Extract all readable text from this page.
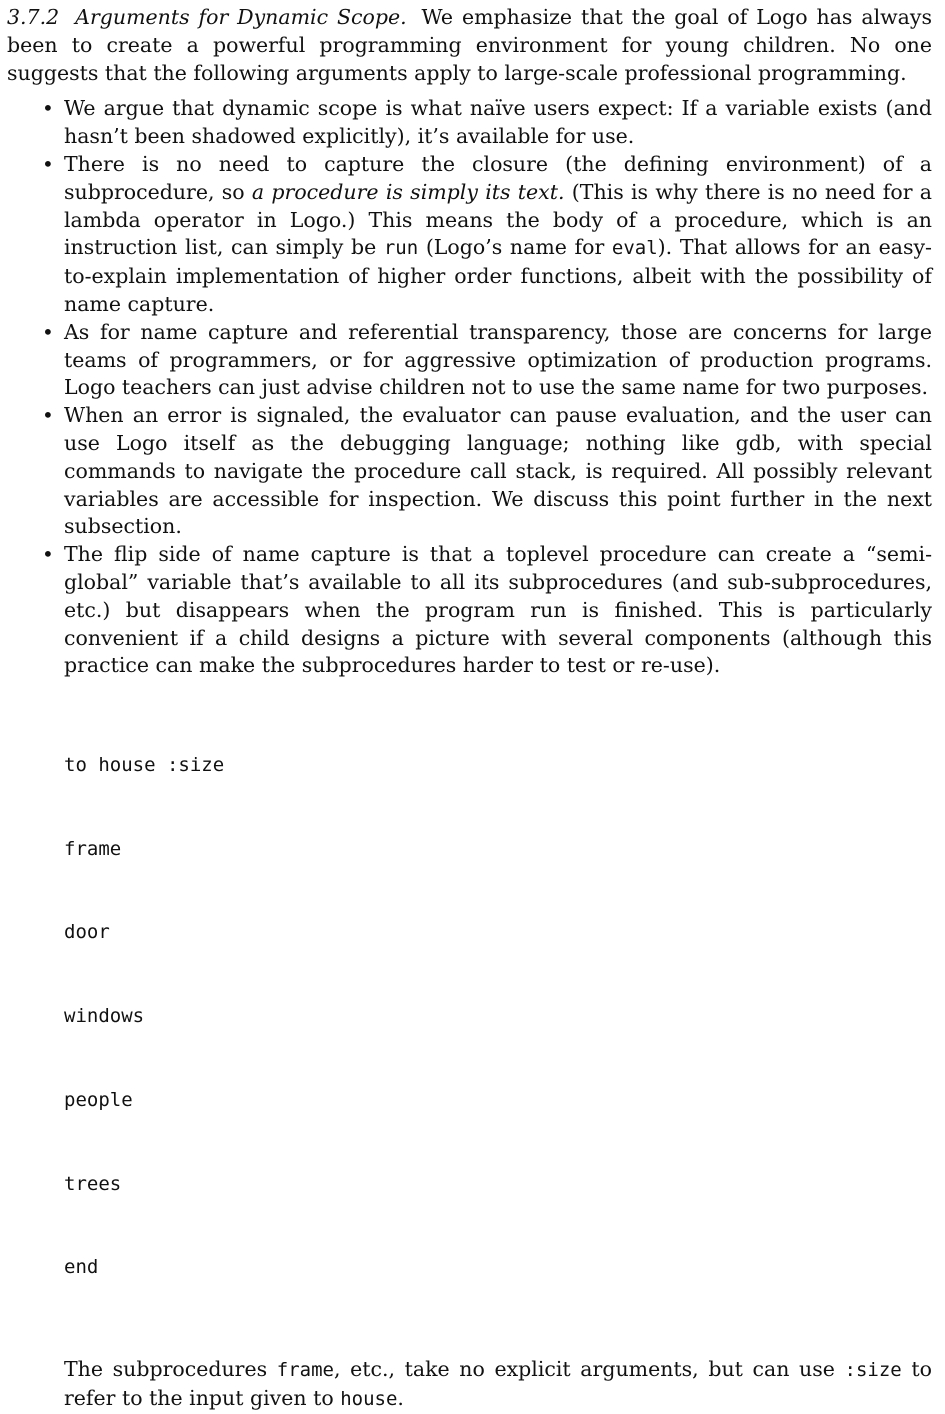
3.7.2 Arguments for Dynamic Scope. We emphasize that the goal of Logo has always been to create a powerful programming environment for young children. No one suggests that the following arguments apply to large-scale professional programming.

• We argue that dynamic scope is what naïve users expect: If a variable exists (and hasn’t been shadowed explicitly), it’s available for use.
• There is no need to capture the closure (the defining environment) of a subprocedure, so a procedure is simply its text. (This is why there is no need for a lambda operator in Logo.) This means the body of a procedure, which is an instruction list, can simply be run (Logo’s name for eval). That allows for an easy-to-explain implementation of higher order functions, albeit with the possibility of name capture.
• As for name capture and referential transparency, those are concerns for large teams of programmers, or for aggressive optimization of production programs. Logo teachers can just advise children not to use the same name for two purposes.
• When an error is signaled, the evaluator can pause evaluation, and the user can use Logo itself as the debugging language; nothing like gdb, with special commands to navigate the procedure call stack, is required. All possibly relevant variables are accessible for inspection. We discuss this point further in the next subsection.
• The flip side of name capture is that a toplevel procedure can create a “semi-global” variable that’s available to all its subprocedures (and sub-subprocedures, etc.) but disappears when the program run is finished. This is particularly convenient if a child designs a picture with several components (although this practice can make the subprocedures harder to test or re-use).

to house :size

frame

door

windows

people

trees

end

The subprocedures frame, etc., take no explicit arguments, but can use :size to refer to the input given to house.
